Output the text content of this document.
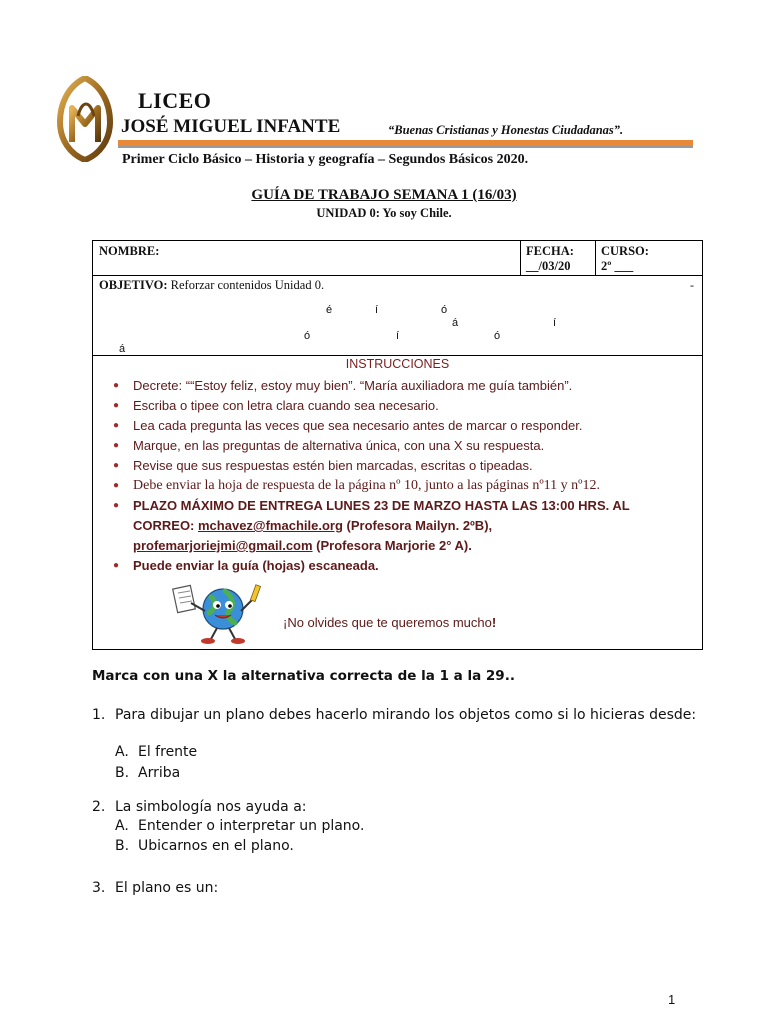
LICEO
JOSÉ MIGUEL INFANTE	“Buenas Cristianas y Honestas Ciudadanas”.
Primer Ciclo Básico – Historia y geografía – Segundos Básicos 2020.
GUÍA DE TRABAJO SEMANA 1 (16/03)
UNIDAD 0: Yo soy Chile.
NOMBRE:	FECHA:
__/03/20
CURSO:
2º ___
OBJETIVO: Reforzar contenidos Unidad 0.	-
é	í	ó
á	í
ó	í	ó
á
INSTRUCCIONES
● Decrete: ““Estoy feliz, estoy muy bien”. “María auxiliadora me guía también”.
● Escriba o tipee con letra clara cuando sea necesario.
● Lea cada pregunta las veces que sea necesario antes de marcar o responder.
● Marque, en las preguntas de alternativa única, con una X su respuesta.
● Revise que sus respuestas estén bien marcadas, escritas o tipeadas.
● Debe enviar la hoja de respuesta de la página nº 10, junto a las páginas nº11 y nº12.
● PLAZO MÁXIMO DE ENTREGA LUNES 23 DE MARZO HASTA LAS 13:00 HRS. AL CORREO: mchavez@fmachile.org (Profesora Mailyn. 2ºB),
profemarjoriejmi@gmail.com (Profesora Marjorie 2° A).
● Puede enviar la guía (hojas) escaneada.
¡No olvides que te queremos mucho!
Marca con una X la alternativa correcta de la 1 a la 29..
1. Para dibujar un plano debes hacerlo mirando los objetos como si lo hicieras desde:
A. El frente
B. Arriba
2. La simbología nos ayuda a:
A. Entender o interpretar un plano.
B. Ubicarnos en el plano.
3. El plano es un:
1
